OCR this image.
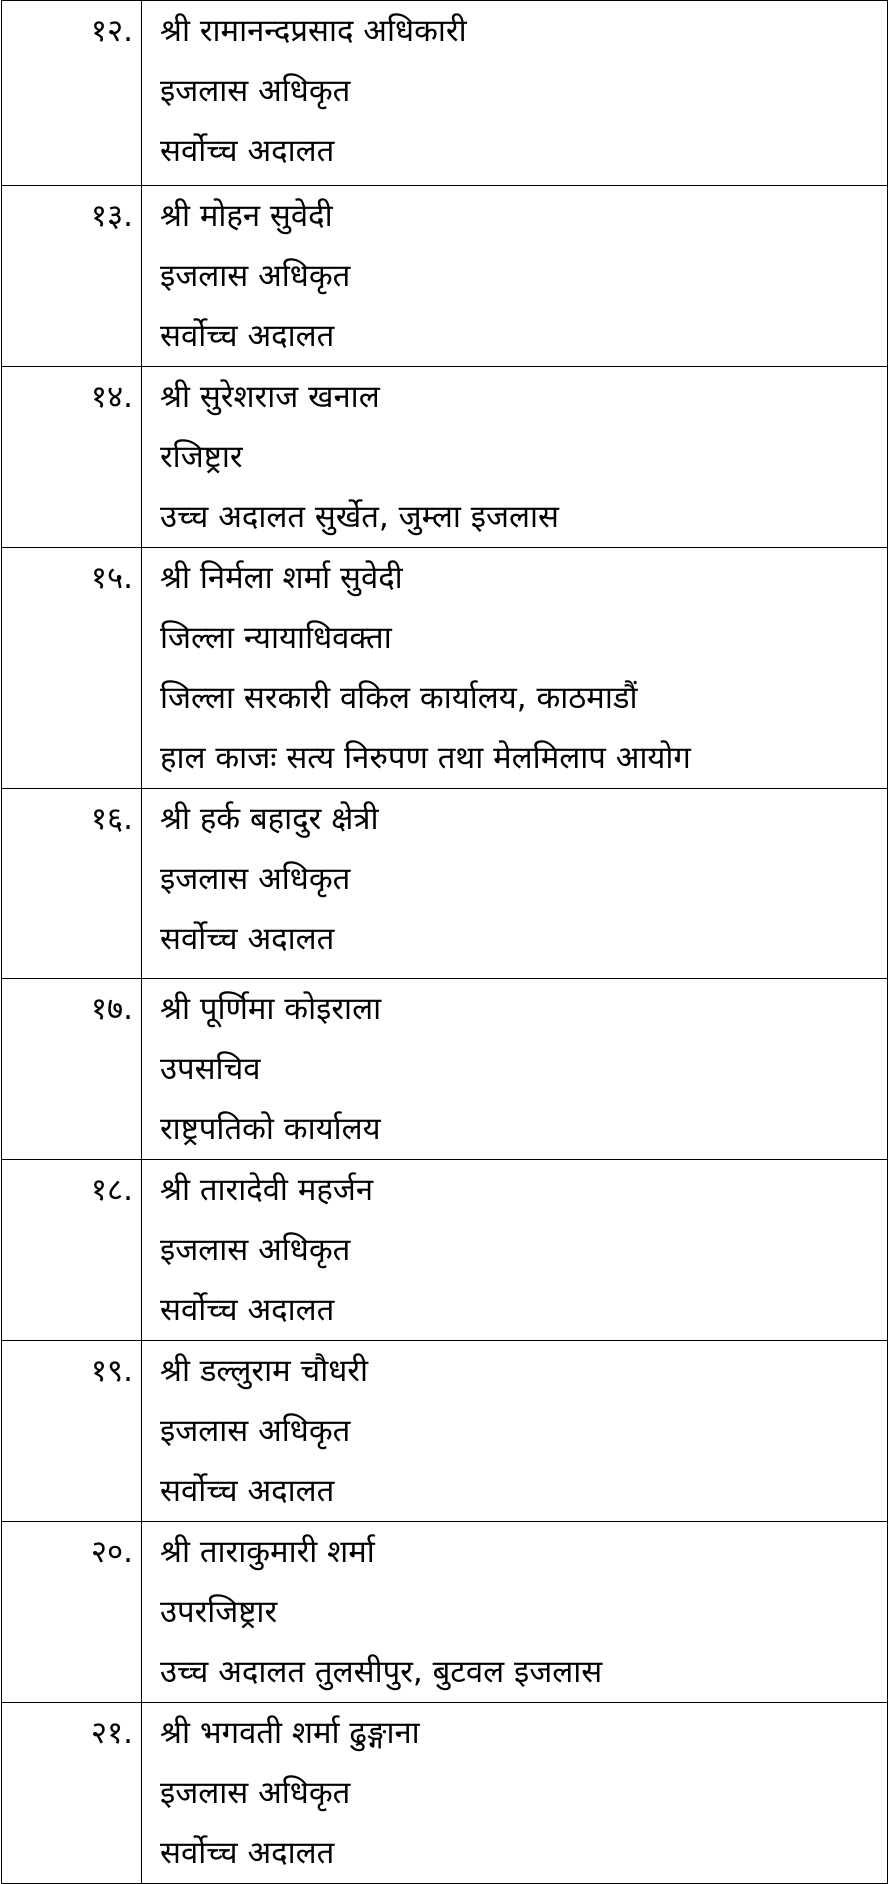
१२.	श्री रामानन्दप्रसाद अधिकारी
इजलास अधिकृत
सर्वोच्च अदालत

१३.	श्री मोहन सुवेदी
इजलास अधिकृत
सर्वोच्च अदालत

१४.	श्री सुरेशराज खनाल
रजिष्ट्रार
उच्च अदालत सुर्खेत, जुम्ला इजलास

१५.	श्री निर्मला शर्मा सुवेदी
जिल्ला न्यायाधिवक्ता
जिल्ला सरकारी वकिल कार्यालय, काठमाडौं
हाल काजः सत्य निरुपण तथा मेलमिलाप आयोग

१६.	श्री हर्क बहादुर क्षेत्री
इजलास अधिकृत
सर्वोच्च अदालत

१७.	श्री पूर्णिमा कोइराला
उपसचिव
राष्ट्रपतिको कार्यालय

१८.	श्री तारादेवी महर्जन
इजलास अधिकृत
सर्वोच्च अदालत

१९.	श्री डल्लुराम चौधरी
इजलास अधिकृत
सर्वोच्च अदालत

२०.	श्री ताराकुमारी शर्मा
उपरजिष्ट्रार
उच्च अदालत तुलसीपुर, बुटवल इजलास

२१.	श्री भगवती शर्मा ढुङ्गाना
इजलास अधिकृत
सर्वोच्च अदालत
